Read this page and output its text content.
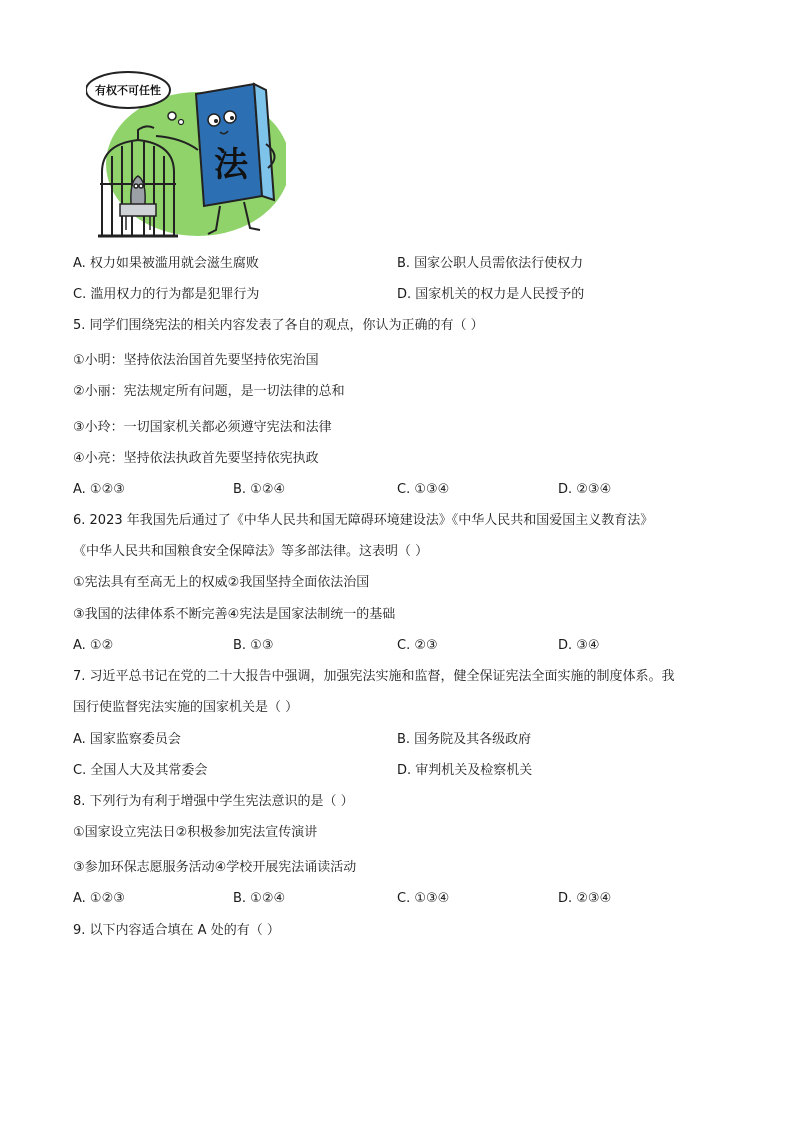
有权不可任性
法
A. 权力如果被滥用就会滋生腐败	B. 国家公职人员需依法行使权力
C. 滥用权力的行为都是犯罪行为	D. 国家机关的权力是人民授予的
5. 同学们围绕宪法的相关内容发表了各自的观点，你认为正确的有（ ）
①小明：坚持依法治国首先要坚持依宪治国
②小丽：宪法规定所有问题，是一切法律的总和
③小玲：一切国家机关都必须遵守宪法和法律
④小亮：坚持依法执政首先要坚持依宪执政
A. ①②③	B. ①②④	C. ①③④	D. ②③④
6. 2023 年我国先后通过了《中华人民共和国无障碍环境建设法》《中华人民共和国爱国主义教育法》
《中华人民共和国粮食安全保障法》等多部法律。这表明（ ）
①宪法具有至高无上的权威②我国坚持全面依法治国
③我国的法律体系不断完善④宪法是国家法制统一的基础
A. ①②	B. ①③	C. ②③	D. ③④
7. 习近平总书记在党的二十大报告中强调，加强宪法实施和监督，健全保证宪法全面实施的制度体系。我
国行使监督宪法实施的国家机关是（ ）
A. 国家监察委员会	B. 国务院及其各级政府
C. 全国人大及其常委会	D. 审判机关及检察机关
8. 下列行为有利于增强中学生宪法意识的是（ ）
①国家设立宪法日②积极参加宪法宣传演讲
③参加环保志愿服务活动④学校开展宪法诵读活动
A. ①②③	B. ①②④	C. ①③④	D. ②③④
9. 以下内容适合填在 A 处的有（ ）
